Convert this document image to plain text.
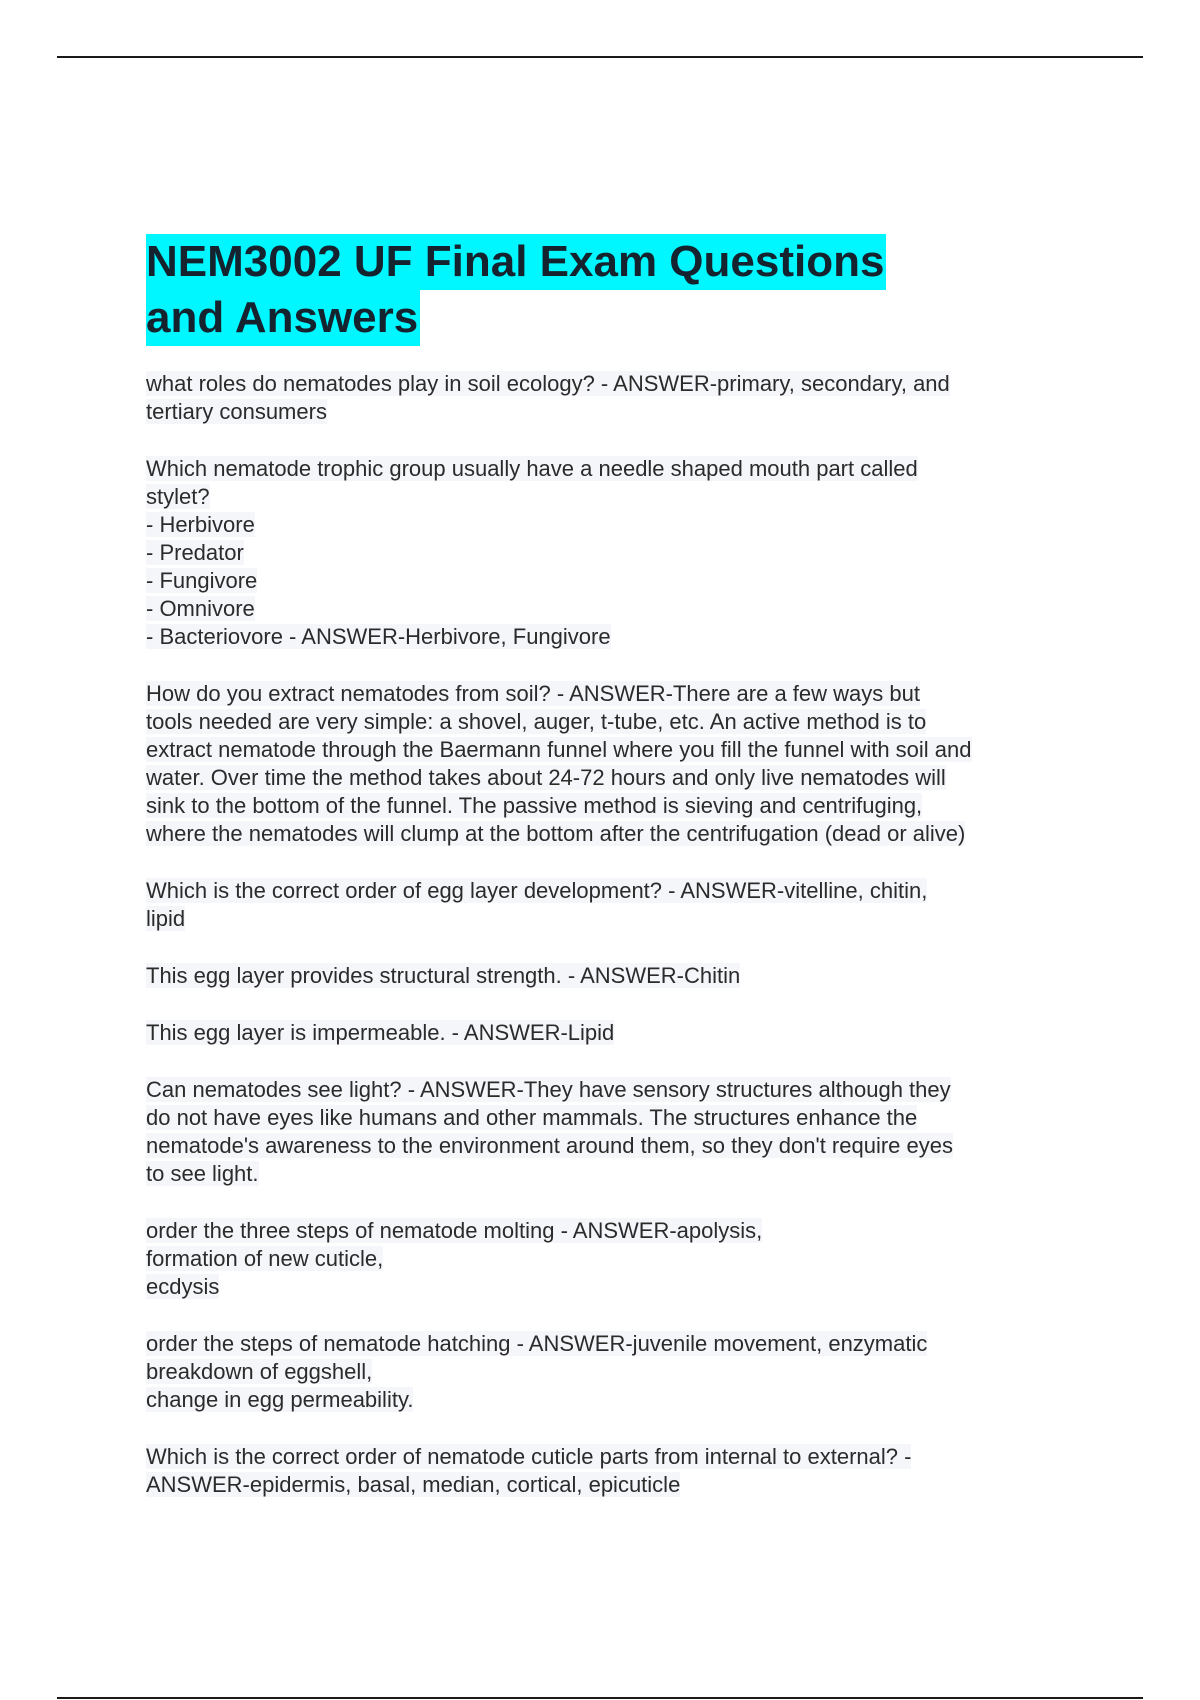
NEM3002 UF Final Exam Questions
and Answers

what roles do nematodes play in soil ecology? - ANSWER-primary, secondary, and
tertiary consumers

Which nematode trophic group usually have a needle shaped mouth part called
stylet?
- Herbivore
- Predator
- Fungivore
- Omnivore
- Bacteriovore - ANSWER-Herbivore, Fungivore

How do you extract nematodes from soil? - ANSWER-There are a few ways but
tools needed are very simple: a shovel, auger, t-tube, etc. An active method is to
extract nematode through the Baermann funnel where you fill the funnel with soil and
water. Over time the method takes about 24-72 hours and only live nematodes will
sink to the bottom of the funnel. The passive method is sieving and centrifuging,
where the nematodes will clump at the bottom after the centrifugation (dead or alive)

Which is the correct order of egg layer development? - ANSWER-vitelline, chitin,
lipid

This egg layer provides structural strength. - ANSWER-Chitin

This egg layer is impermeable. - ANSWER-Lipid

Can nematodes see light? - ANSWER-They have sensory structures although they
do not have eyes like humans and other mammals. The structures enhance the
nematode's awareness to the environment around them, so they don't require eyes
to see light.

order the three steps of nematode molting - ANSWER-apolysis,
formation of new cuticle,
ecdysis

order the steps of nematode hatching - ANSWER-juvenile movement, enzymatic
breakdown of eggshell,
change in egg permeability.

Which is the correct order of nematode cuticle parts from internal to external? -
ANSWER-epidermis, basal, median, cortical, epicuticle
